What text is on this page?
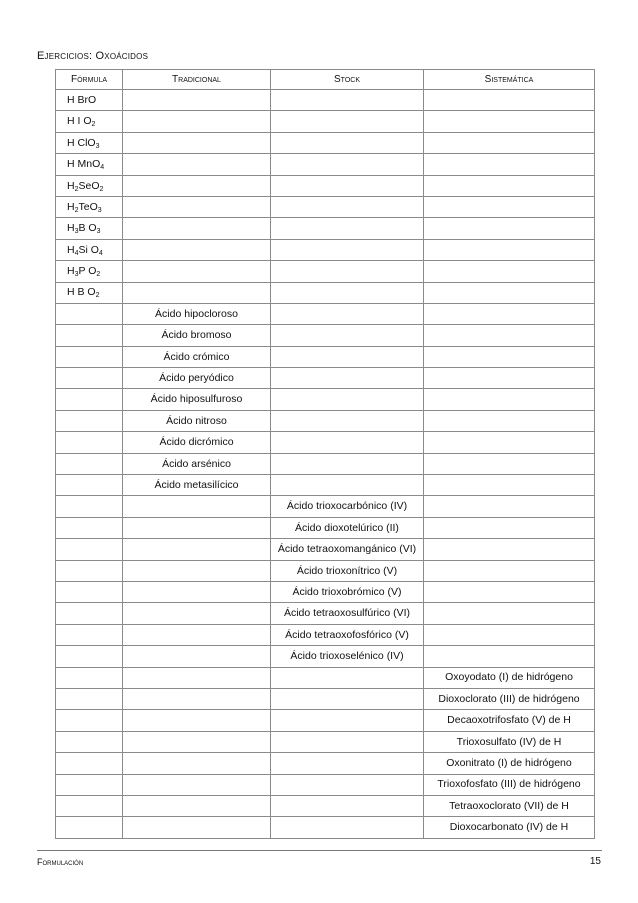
Ejercicios: Oxoácidos
Fórmula	Tradicional	Stock	Sistemática
H BrO			
H I $O_2$			
H ClO$_3$			
H MnO$_4$			
$H_2SeO_2$			
$H_2TeO_3$			
$H_3B$ $O_3$			
$H_4Si$ $O_4$			
$H_3P$ $O_2$			
H B $O_2$			
	Ácido hipocloroso		
	Ácido bromoso		
	Ácido crómico		
	Ácido peryódico		
	Ácido hiposulfuroso		
	Ácido nitroso		
	Ácido dicrómico		
	Ácido arsénico		
	Ácido metasilícico		
		Ácido trioxocarbónico (IV)	
		Ácido dioxotelúrico (II)	
		Ácido tetraoxomangánico (VI)	
		Ácido trioxonítrico (V)	
		Ácido trioxobrómico (V)	
		Ácido tetraoxosulfúrico (VI)	
		Ácido tetraoxofosfórico (V)	
		Ácido trioxoselénico (IV)	
			Oxoyodato (I) de hidrógeno
			Dioxoclorato (III) de hidrógeno
			Decaoxotrifosfato (V) de H
			Trioxosulfato (IV) de H
			Oxonitrato (I) de hidrógeno
			Trioxofosfato (III) de hidrógeno
			Tetraoxoclorato (VII) de H
			Dioxocarbonato (IV) de H
Formulación	15
